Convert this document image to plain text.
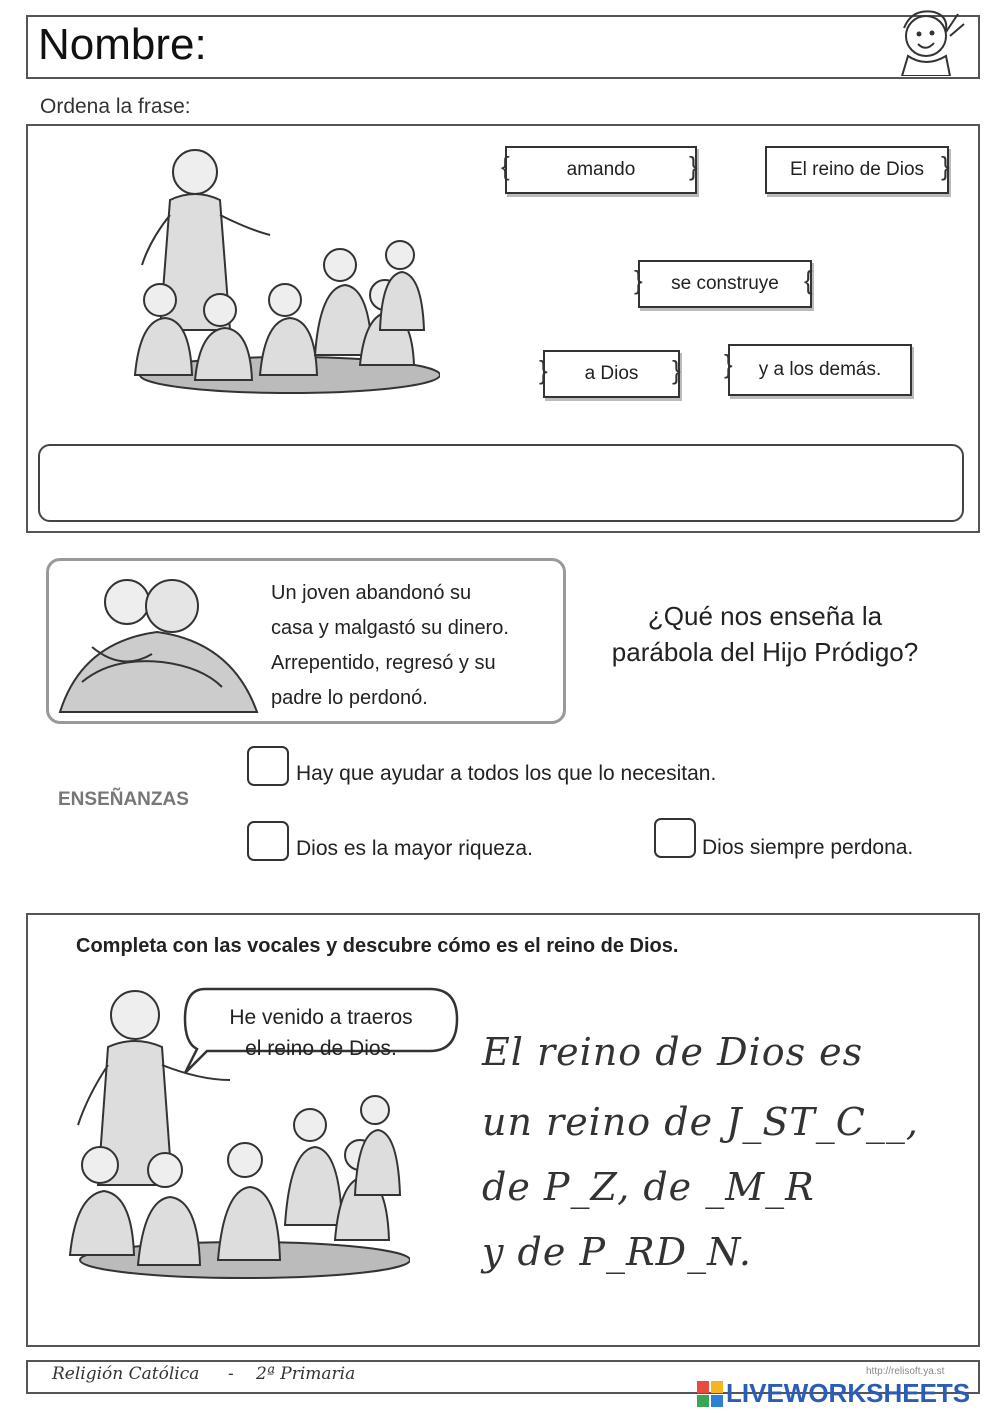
Nombre:
Ordena la frase:
{	amando }	}
El reino de Dios
} se construye {
} a Dios } } y a los demás.
Un joven abandonó su
casa y malgastó su dinero.
Arrepentido, regresó y su
padre lo perdonó.
¿Qué nos enseña la
parábola del Hijo Pródigo?
ENSEÑANZAS
Hay que ayudar a todos los que lo necesitan.
Dios es la mayor riqueza.	Dios siempre perdona.
Completa con las vocales y descubre cómo es el reino de Dios.
He venido a traeros
el reino de Dios.	El reino de Dios es
un reino de J_ST_C__,
de P_Z, de _M_R
y de P_RD_N.
Religión Católica - 2ª Primaria	http://relisoft.ya.st
LIVEWORKSHEETS
